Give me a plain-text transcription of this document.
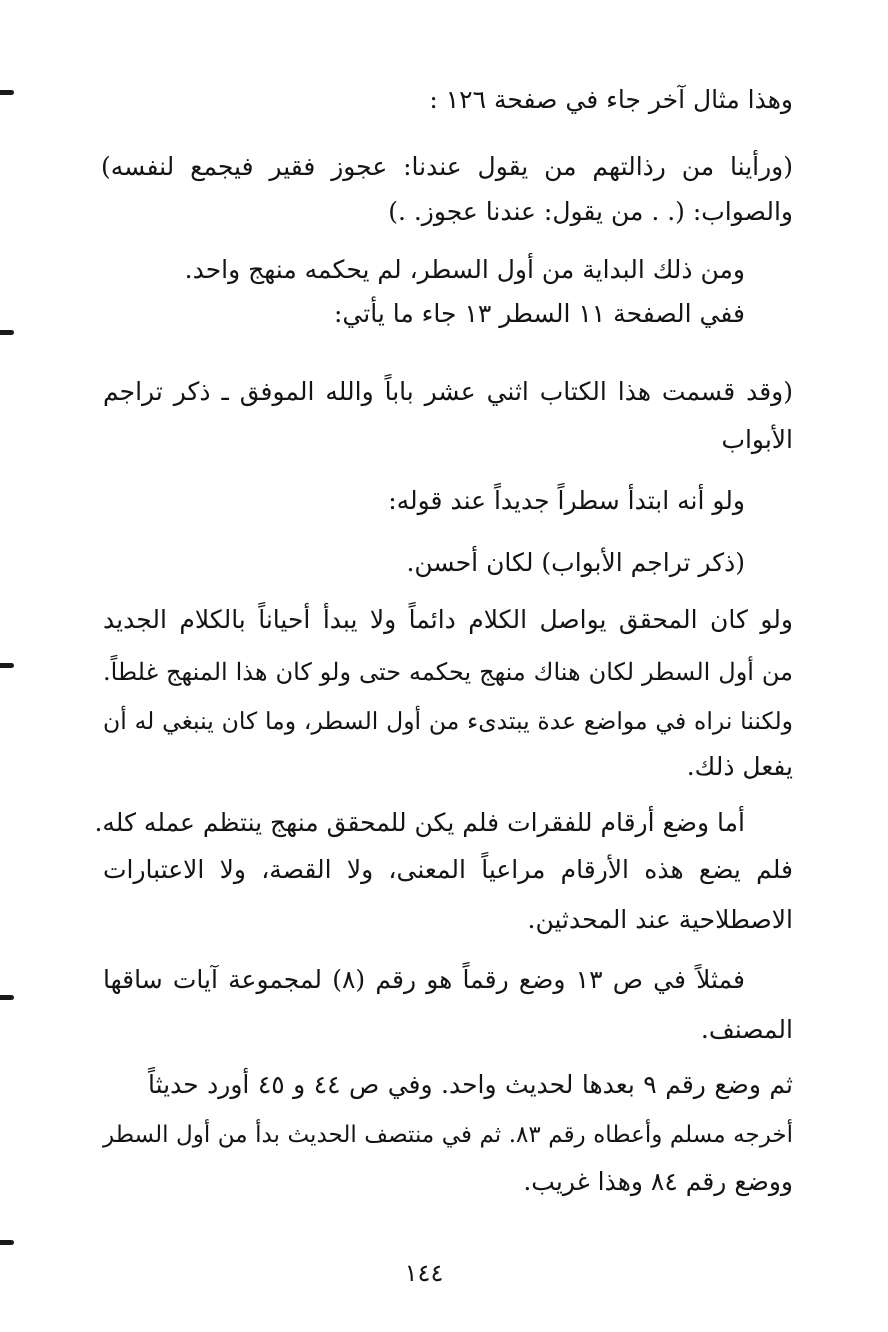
وهذا مثال آخر جاء في صفحة ١٢٦ :
(ورأينا من رذالتهم من يقول عندنا: عجوز فقير فيجمع لنفسه)
والصواب: (. . من يقول: عندنا عجوز. .)
ومن ذلك البداية من أول السطر، لم يحكمه منهج واحد.
ففي الصفحة ١١ السطر ١٣ جاء ما يأتي:
(وقد قسمت هذا الكتاب اثني عشر باباً والله الموفق ـ ذكر تراجم
الأبواب
ولو أنه ابتدأ سطراً جديداً عند قوله:
(ذكر تراجم الأبواب) لكان أحسن.
ولو كان المحقق يواصل الكلام دائماً ولا يبدأ أحياناً بالكلام الجديد
من أول السطر لكان هناك منهج يحكمه حتى ولو كان هذا المنهج غلطاً.
ولكننا نراه في مواضع عدة يبتدىء من أول السطر، وما كان ينبغي له أن
يفعل ذلك.
أما وضع أرقام للفقرات فلم يكن للمحقق منهج ينتظم عمله كله.
فلم يضع هذه الأرقام مراعياً المعنى، ولا القصة، ولا الاعتبارات
الاصطلاحية عند المحدثين.
فمثلاً في ص ١٣ وضع رقماً هو رقم (٨) لمجموعة آيات ساقها
المصنف.
ثم وضع رقم ٩ بعدها لحديث واحد. وفي ص ٤٤ و ٤٥ أورد حديثاً
أخرجه مسلم وأعطاه رقم ٨٣. ثم في منتصف الحديث بدأ من أول السطر
ووضع رقم ٨٤ وهذا غريب.
١٤٤
